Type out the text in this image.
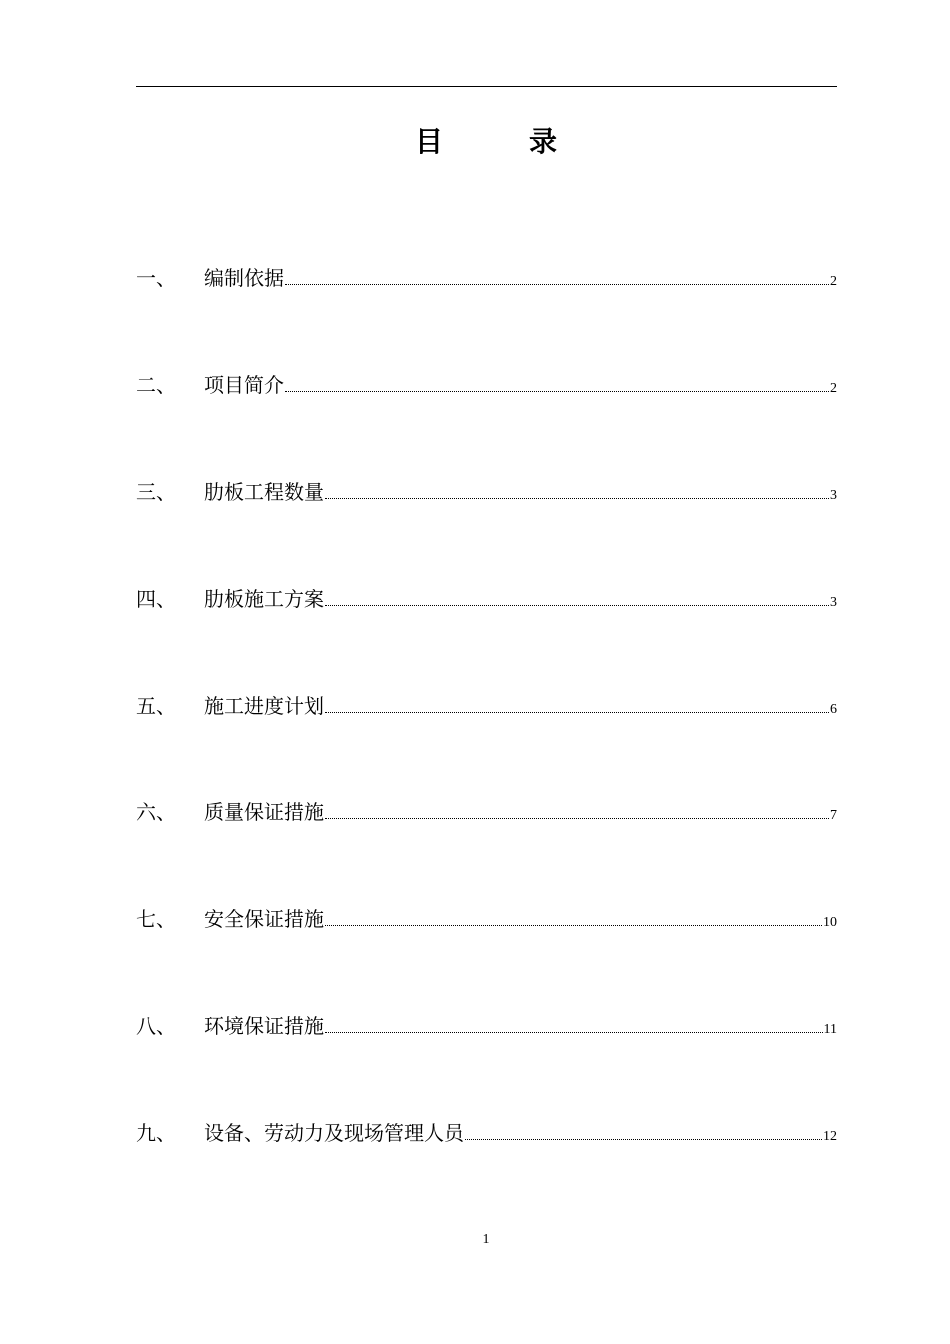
目	录
一、	编制依据	2
二、	项目简介	2
三、	肋板工程数量	3
四、	肋板施工方案	3
五、	施工进度计划	6
六、	质量保证措施	7
七、	安全保证措施	10
八、	环境保证措施	11
九、	设备、劳动力及现场管理人员	12
1
